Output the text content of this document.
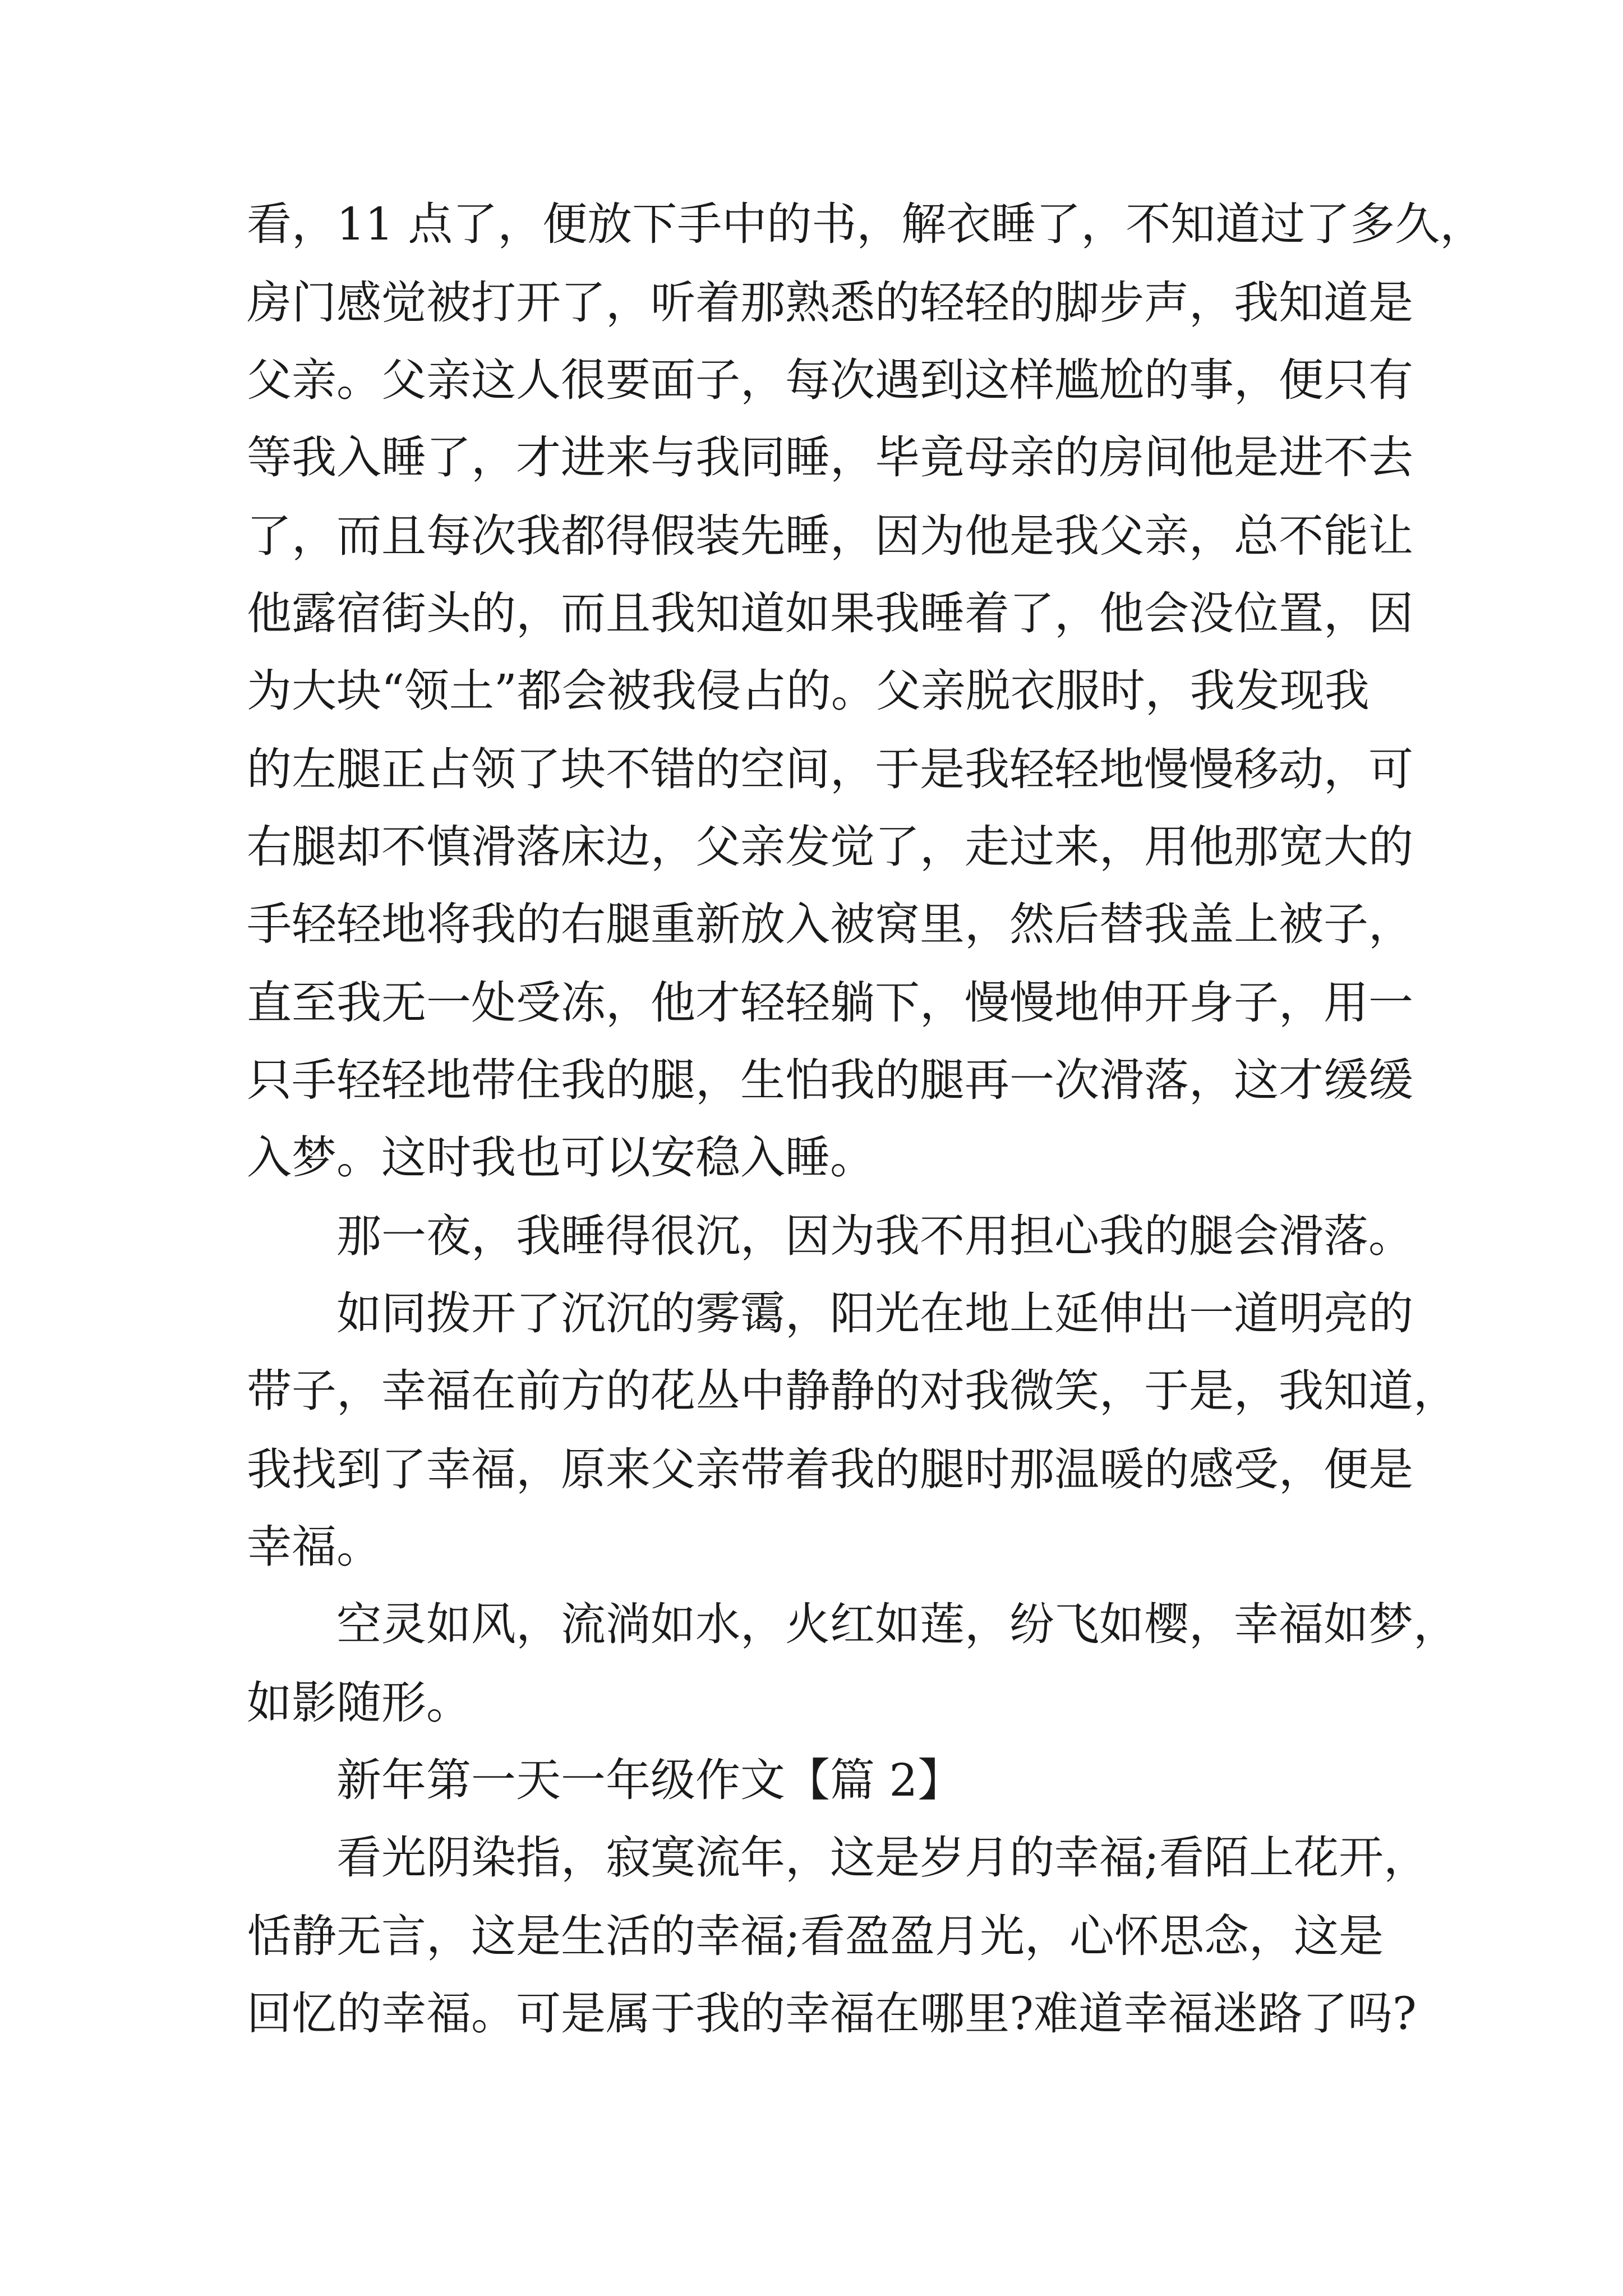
看，11 点了，便放下手中的书，解衣睡了，不知道过了多久，
房门感觉被打开了，听着那熟悉的轻轻的脚步声，我知道是
父亲。父亲这人很要面子，每次遇到这样尴尬的事，便只有
等我入睡了，才进来与我同睡，毕竟母亲的房间他是进不去
了，而且每次我都得假装先睡，因为他是我父亲，总不能让
他露宿街头的，而且我知道如果我睡着了，他会没位置，因
为大块“领土”都会被我侵占的。父亲脱衣服时，我发现我
的左腿正占领了块不错的空间，于是我轻轻地慢慢移动，可
右腿却不慎滑落床边，父亲发觉了，走过来，用他那宽大的
手轻轻地将我的右腿重新放入被窝里，然后替我盖上被子，
直至我无一处受冻，他才轻轻躺下，慢慢地伸开身子，用一
只手轻轻地带住我的腿，生怕我的腿再一次滑落，这才缓缓
入梦。这时我也可以安稳入睡。
那一夜，我睡得很沉，因为我不用担心我的腿会滑落。
如同拨开了沉沉的雾霭，阳光在地上延伸出一道明亮的
带子，幸福在前方的花丛中静静的对我微笑，于是，我知道，
我找到了幸福，原来父亲带着我的腿时那温暖的感受，便是
幸福。
空灵如风，流淌如水，火红如莲，纷飞如樱，幸福如梦，
如影随形。
新年第一天一年级作文【篇 2】
看光阴染指，寂寞流年，这是岁月的幸福;看陌上花开，
恬静无言，这是生活的幸福;看盈盈月光，心怀思念，这是
回忆的幸福。可是属于我的幸福在哪里?难道幸福迷路了吗?
